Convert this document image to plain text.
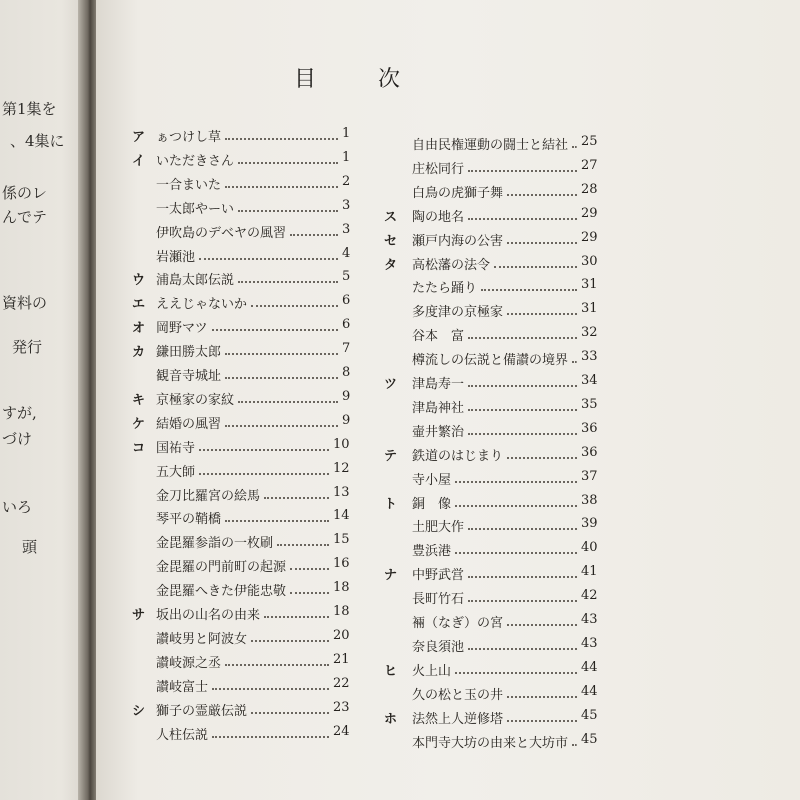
第1集を
、4集に
係のレ
んでテ
資料の
発行
すが,
づけ
いろ
頭
目	次
ア ぁつけし草	1
イ いただきさん	1
一合まいた	2
一太郎やーい	3
伊吹島のデベヤの風習	3
岩瀬池	4
ウ 浦島太郎伝説	5
エ ええじゃないか	6
オ 岡野マツ	6
カ 鎌田勝太郎	7
観音寺城址	8
キ 京極家の家紋	9
ケ 結婚の風習	9
コ 国祐寺	10
五大師	12
金刀比羅宮の絵馬	13
琴平の鞘橋	14
金毘羅参詣の一枚刷	15
金毘羅の門前町の起源	16
金毘羅へきた伊能忠敬	18
サ 坂出の山名の由来	18
讃岐男と阿波女	20
讃岐源之丞	21
讃岐富士	22
シ 獅子の霊厳伝説	23
人柱伝説	24
自由民権運動の闘士と結社 25
庄松同行	27
白鳥の虎獅子舞	28
ス 陶の地名	29
セ 瀬戸内海の公害	29
タ 高松藩の法令	30
たたら踊り	31
多度津の京極家	31
谷本　富	32
樽流しの伝説と備讃の境界 33
ツ 津島寿一	34
津島神社	35
壷井繁治	36
テ 鉄道のはじまり	36
寺小屋	37
ト 銅　像	38
土肥大作	39
豊浜港	40
ナ 中野武営	41
長町竹石	42
裲（なぎ）の宮	43
奈良須池	43
ヒ 火上山	44
久の松と玉の井	44
ホ 法然上人逆修塔	45
本門寺大坊の由来と大坊市 45
